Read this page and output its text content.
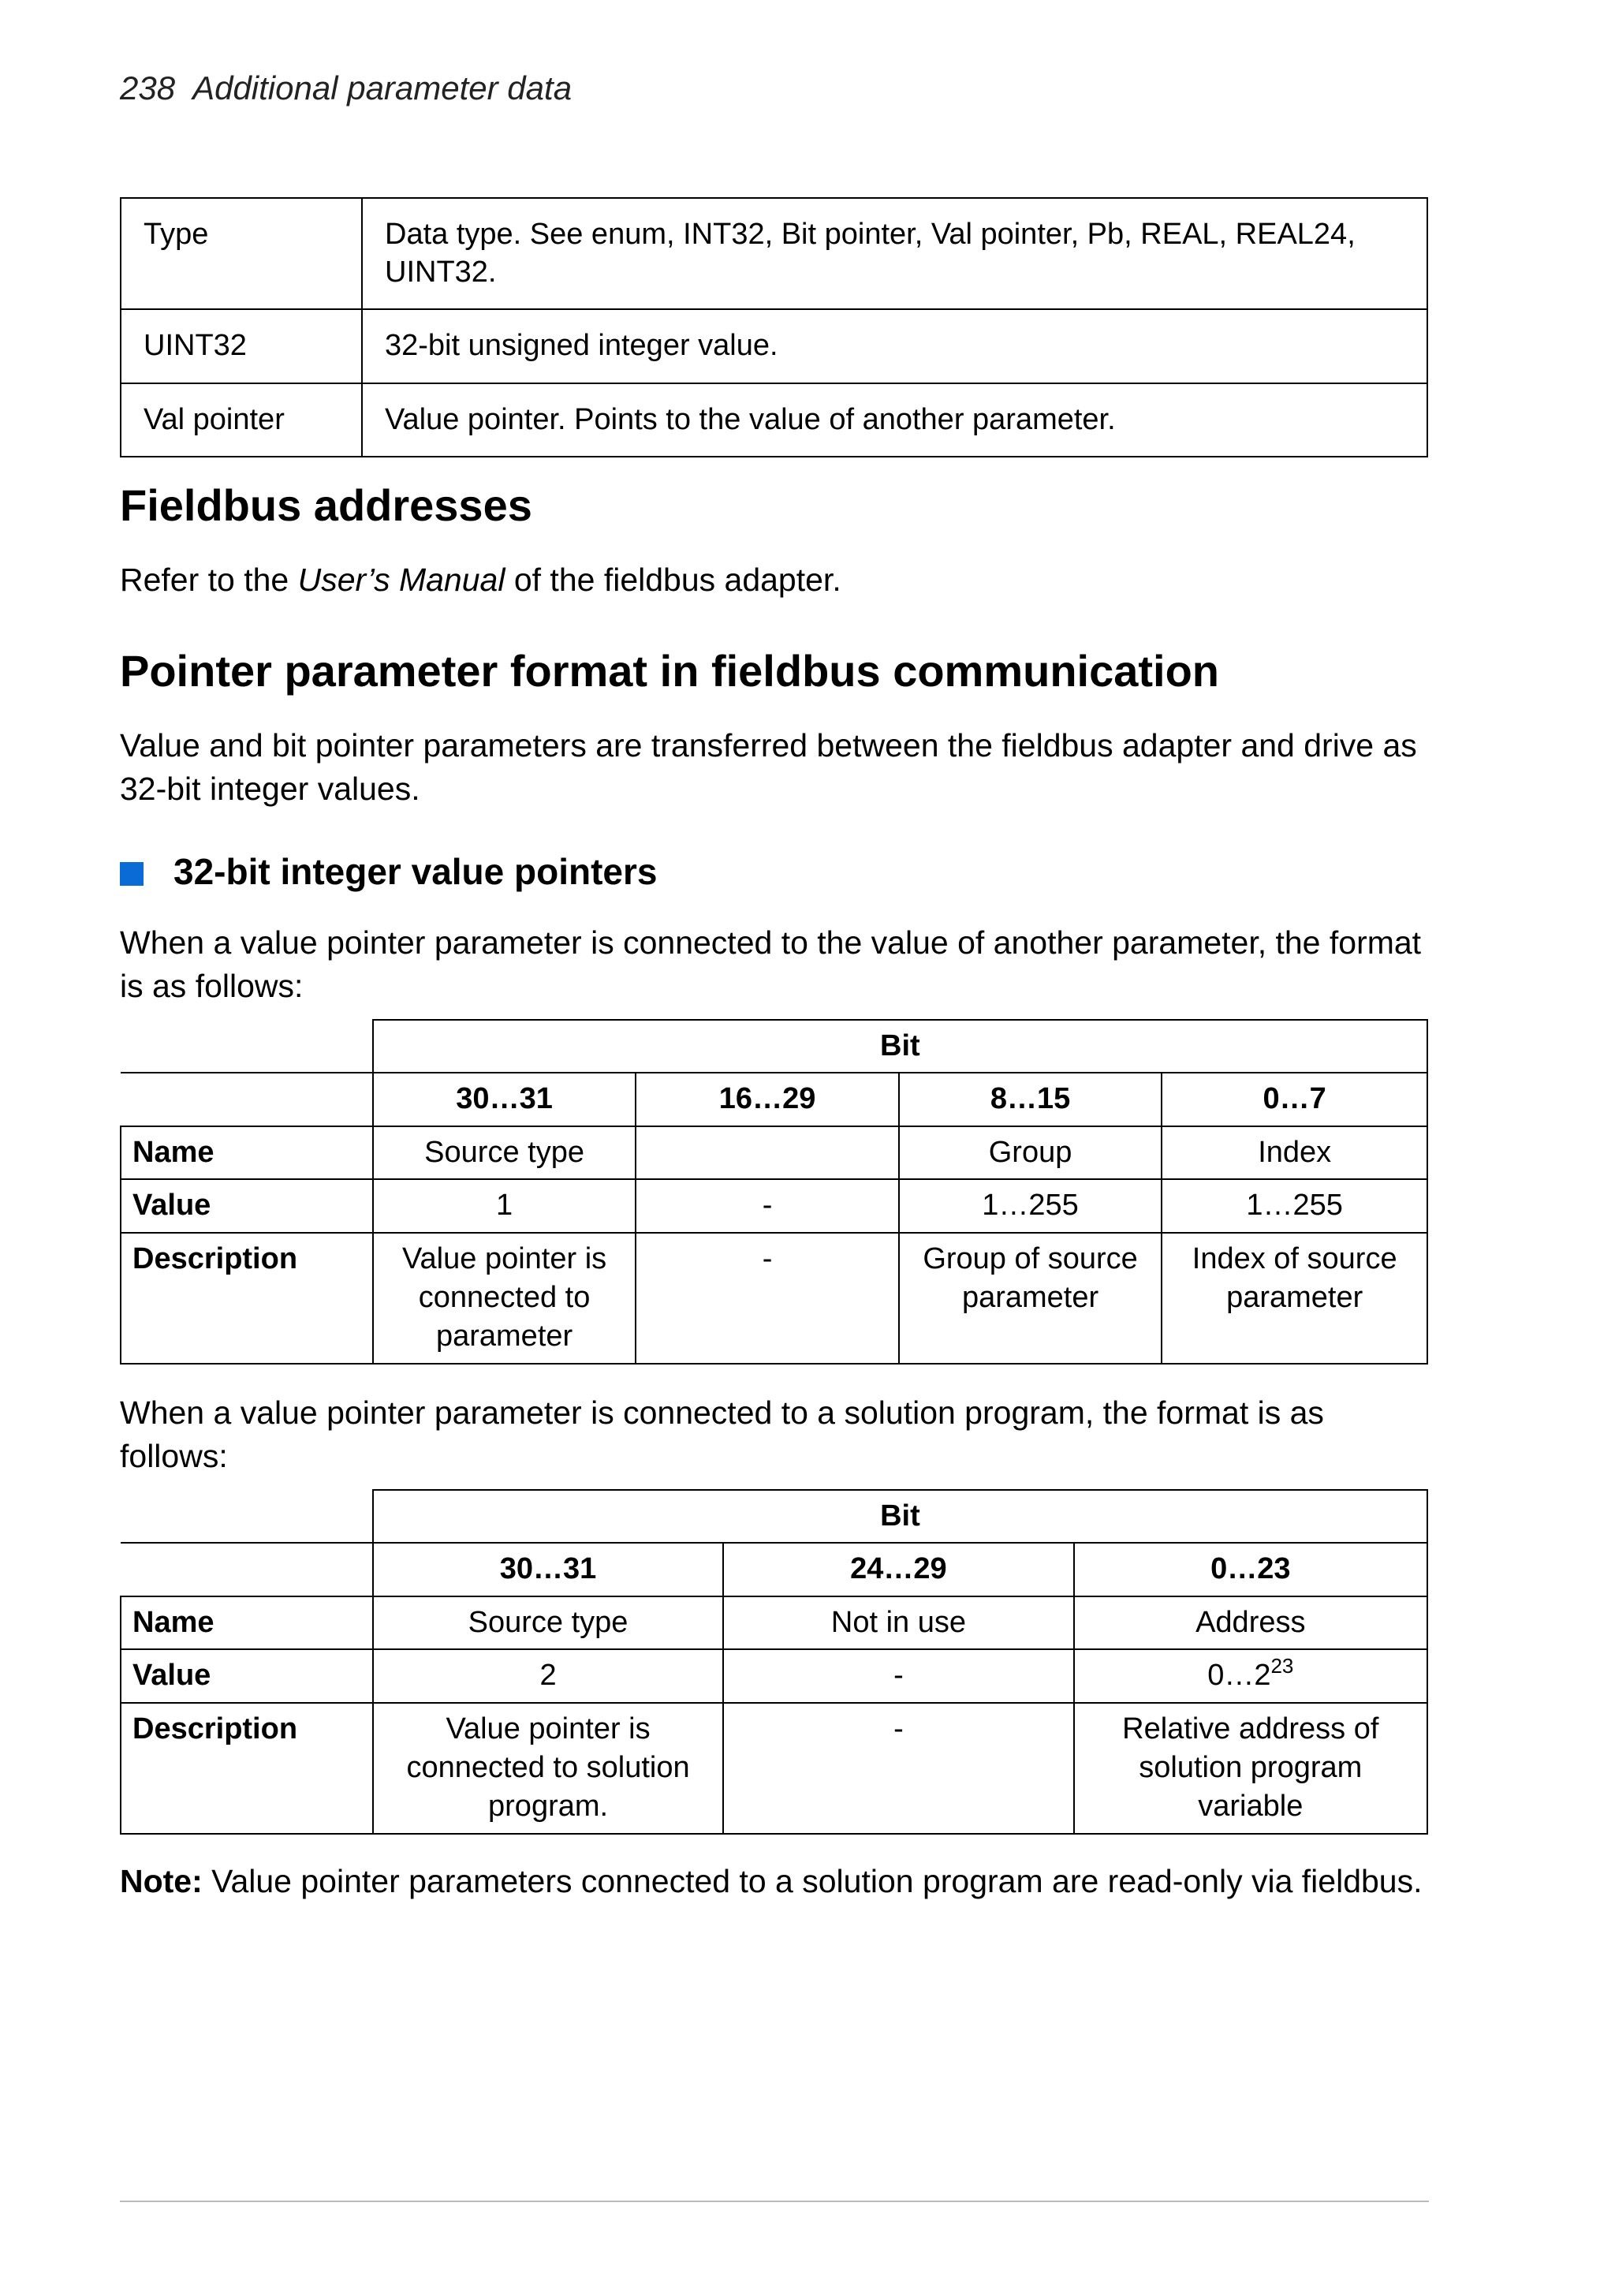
238 Additional parameter data
Type	Data type. See enum, INT32, Bit pointer, Val pointer, Pb, REAL, REAL24, UINT32.
UINT32	32-bit unsigned integer value.
Val pointer	Value pointer. Points to the value of another parameter.
Fieldbus addresses

Refer to the User’s Manual of the fieldbus adapter.

Pointer parameter format in fieldbus communication

Value and bit pointer parameters are transferred between the fieldbus adapter and drive as 32-bit integer values.

32-bit integer value pointers

When a value pointer parameter is connected to the value of another parameter, the format is as follows:

	Bit			
	30…31	16…29	8…15	0…7
Name	Source type		Group	Index
Value	1	-	1…255	1…255
Description	Value pointer is connected to parameter	-	Group of source parameter	Index of source parameter

When a value pointer parameter is connected to a solution program, the format is as follows:

	Bit		
	30…31	24…29	0…23
Name	Source type	Not in use	Address
Value	2	-	$0\dots 2^{23}$
Description	Value pointer is connected to solution program.	-	Relative address of solution program variable

Note: Value pointer parameters connected to a solution program are read-only via fieldbus.
